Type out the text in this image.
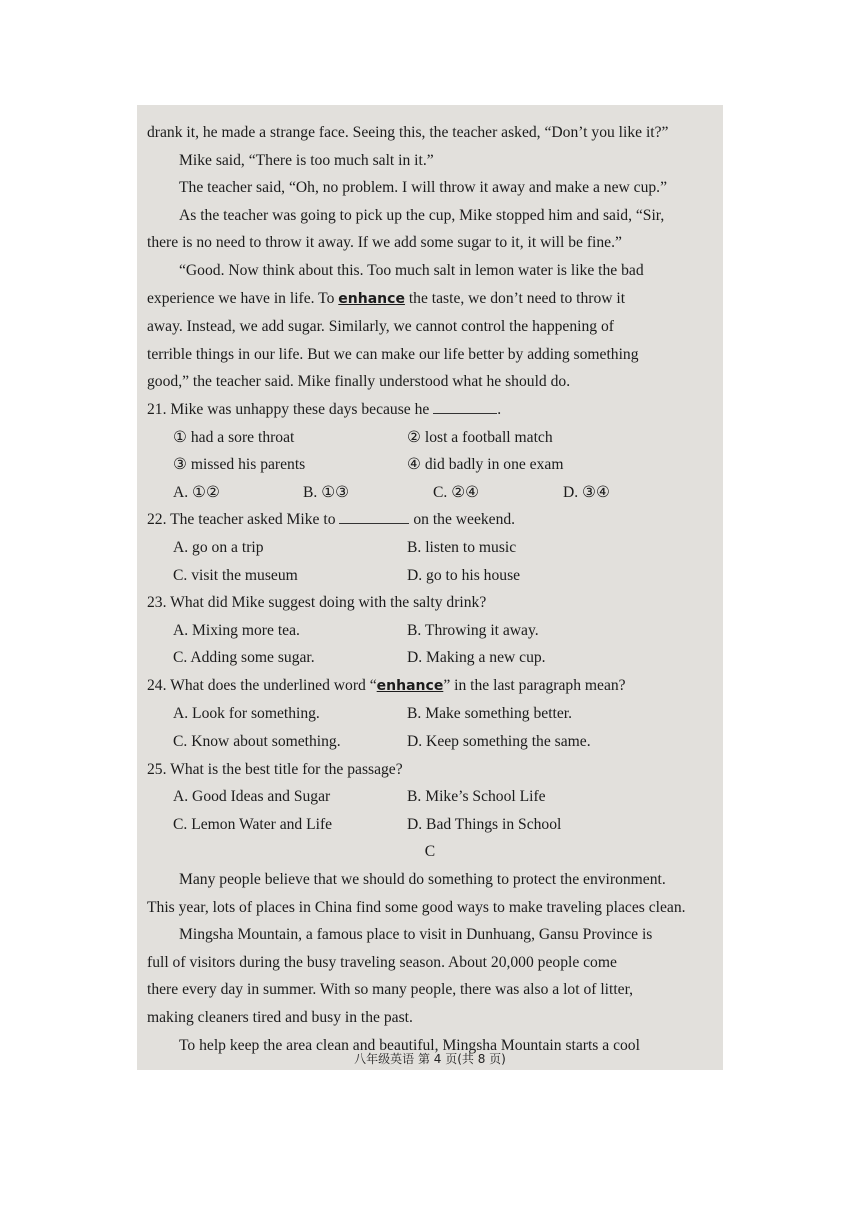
drank it, he made a strange face. Seeing this, the teacher asked, “Don’t you like it?”
Mike said, “There is too much salt in it.”
The teacher said, “Oh, no problem. I will throw it away and make a new cup.”
As the teacher was going to pick up the cup, Mike stopped him and said, “Sir,
there is no need to throw it away. If we add some sugar to it, it will be fine.”
“Good. Now think about this. Too much salt in lemon water is like the bad
experience we have in life. To enhance the taste, we don’t need to throw it
away. Instead, we add sugar. Similarly, we cannot control the happening of
terrible things in our life. But we can make our life better by adding something
good,” the teacher said. Mike finally understood what he should do.
21. Mike was unhappy these days because he	.
① had a sore throat	② lost a football match
③ missed his parents	④ did badly in one exam
A. ①②	B. ①③	C. ②④	D. ③④
22. The teacher asked Mike to	on the weekend.
A. go on a trip	B. listen to music
C. visit the museum	D. go to his house
23. What did Mike suggest doing with the salty drink?
A. Mixing more tea.	B. Throwing it away.
C. Adding some sugar.	D. Making a new cup.
24. What does the underlined word “enhance” in the last paragraph mean?
A. Look for something.	B. Make something better.
C. Know about something.	D. Keep something the same.
25. What is the best title for the passage?
A. Good Ideas and Sugar	B. Mike’s School Life
C. Lemon Water and Life	D. Bad Things in School
C
Many people believe that we should do something to protect the environment.
This year, lots of places in China find some good ways to make traveling places clean.
Mingsha Mountain, a famous place to visit in Dunhuang, Gansu Province is
full of visitors during the busy traveling season. About 20,000 people come
there every day in summer. With so many people, there was also a lot of litter,
making cleaners tired and busy in the past.
To help keep the area clean and beautiful, Mingsha Mountain starts a cool
八年级英语 第 4 页(共 8 页)
